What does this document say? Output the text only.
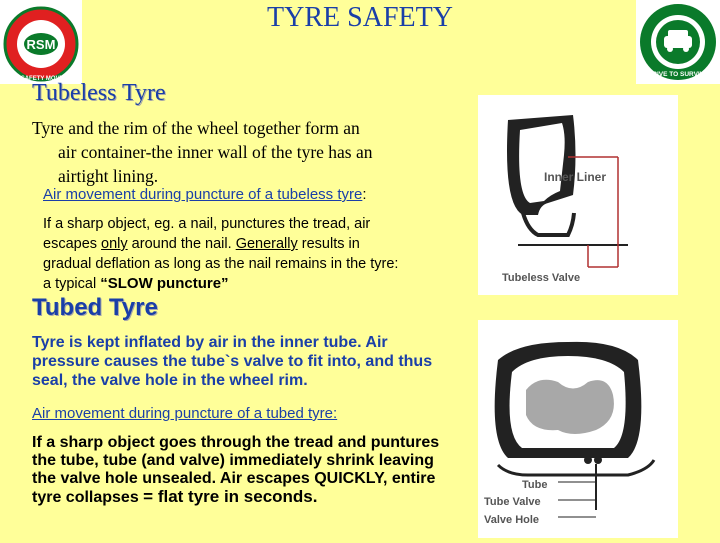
RSM
ROAD SAFETY MOVEMENT
DRIVE TO SURVIVE
TYRE SAFETY
Tubeless Tyre
Tyre and the rim of the wheel together form an
air container-the inner wall of the tyre has an
airtight lining.
Air movement during puncture of a tubeless tyre:
If a sharp object, eg. a nail, punctures the tread, air
escapes only around the nail. Generally results in
gradual deflation as long as the nail remains in the tyre:
a typical “SLOW puncture”
Tubed Tyre
Tyre is kept inflated by air in the inner tube. Air pressure causes the tube`s valve to fit into, and thus seal, the valve hole in the wheel rim.
Air movement during puncture of a tubed tyre:
If a sharp object goes through the tread and puntures the tube, tube (and valve) immediately shrink leaving the valve hole unsealed. Air escapes QUICKLY, entire tyre collapses = flat tyre in seconds.
Inner Liner
Tubeless Valve
Tube
Tube Valve
Valve Hole
